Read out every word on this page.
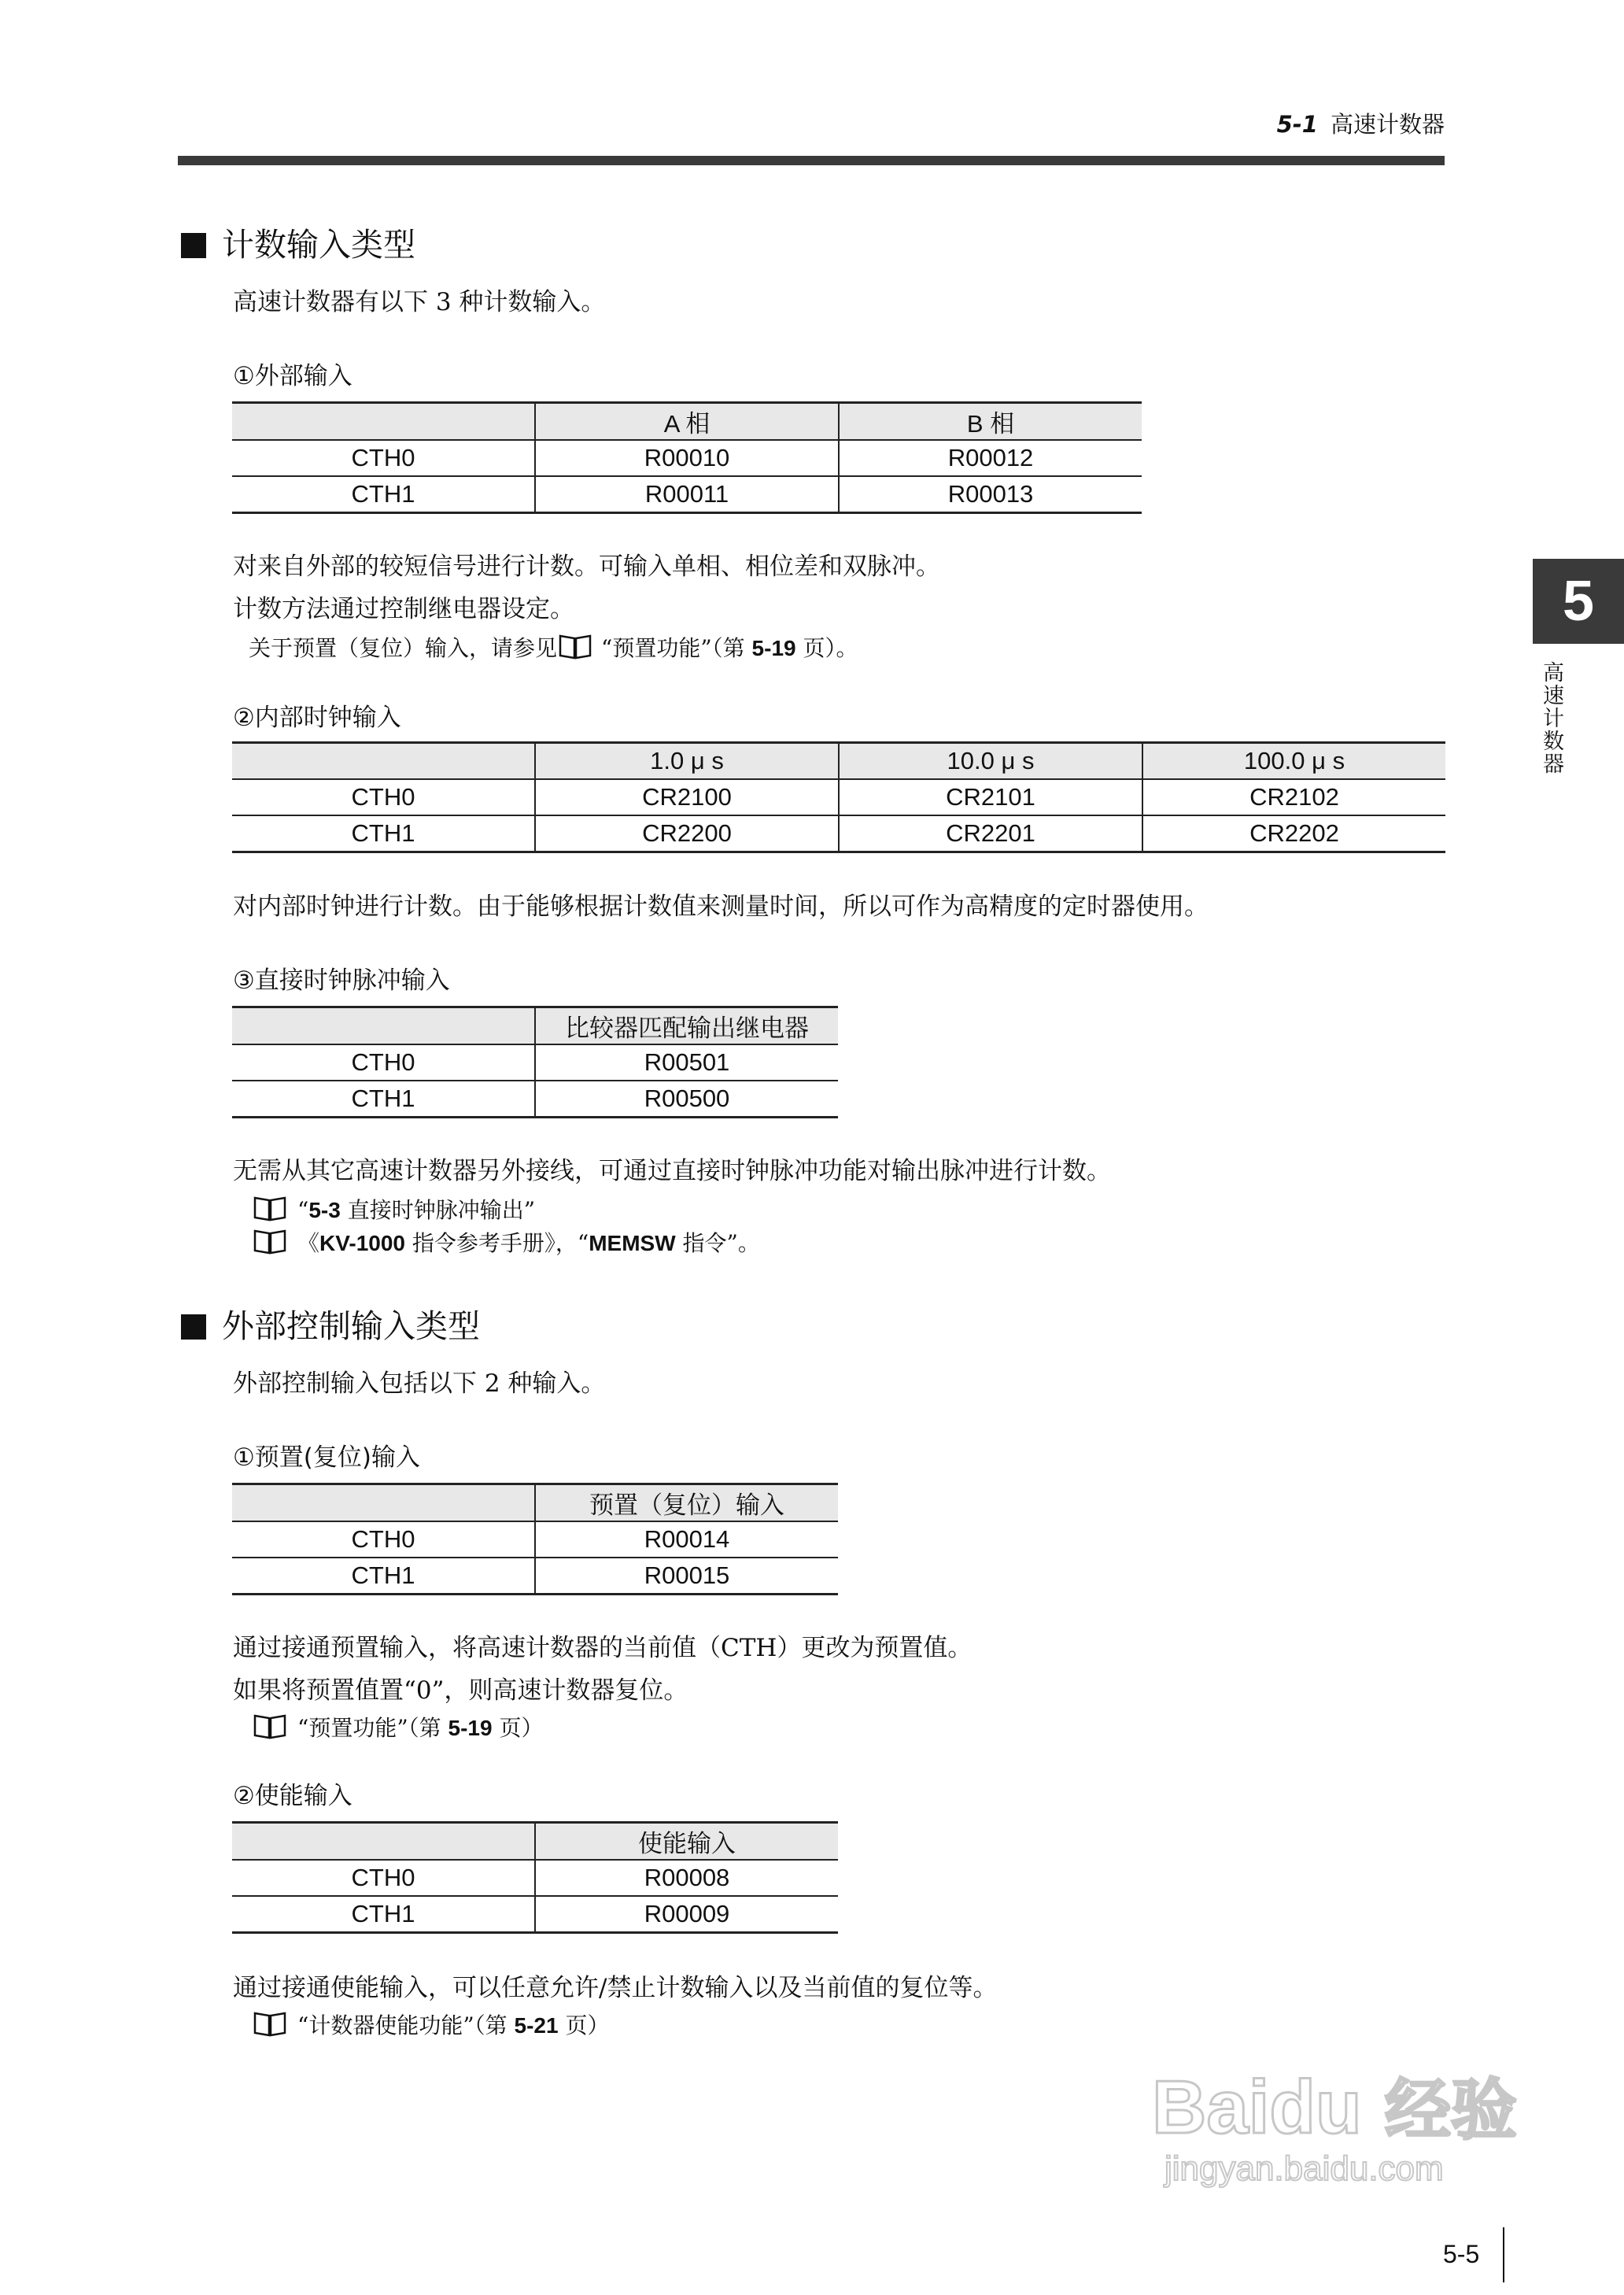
5-1 高速计数器
5
高速计数器
计数输入类型
高速计数器有以下 3 种计数输入。
①外部输入
	A 相	B 相
CTH0	R00010	R00012
CTH1	R00011	R00013
对来自外部的较短信号进行计数。可输入单相、相位差和双脉冲。
计数方法通过控制继电器设定。
关于预置（复位）输入，请参见 “预置功能”（第 5-19 页）。
②内部时钟输入
	1.0 μ s	10.0 μ s	100.0 μ s
CTH0	CR2100	CR2101	CR2102
CTH1	CR2200	CR2201	CR2202
对内部时钟进行计数。由于能够根据计数值来测量时间，所以可作为高精度的定时器使用。
③直接时钟脉冲输入
	比较器匹配输出继电器
CTH0	R00501
CTH1	R00500
无需从其它高速计数器另外接线，可通过直接时钟脉冲功能对输出脉冲进行计数。
“5-3 直接时钟脉冲输出”
《KV-1000 指令参考手册》，“MEMSW 指令”。
外部控制输入类型
外部控制输入包括以下 2 种输入。
①预置(复位)输入
	预置（复位）输入
CTH0	R00014
CTH1	R00015
通过接通预置输入，将高速计数器的当前值（CTH）更改为预置值。
如果将预置值置“0”，则高速计数器复位。
“预置功能”（第 5-19 页）
②使能输入
	使能输入
CTH0	R00008
CTH1	R00009
通过接通使能输入，可以任意允许/禁止计数输入以及当前值的复位等。
“计数器使能功能”（第 5-21 页）
Baidu 经验
jingyan.baidu.com
5-5
